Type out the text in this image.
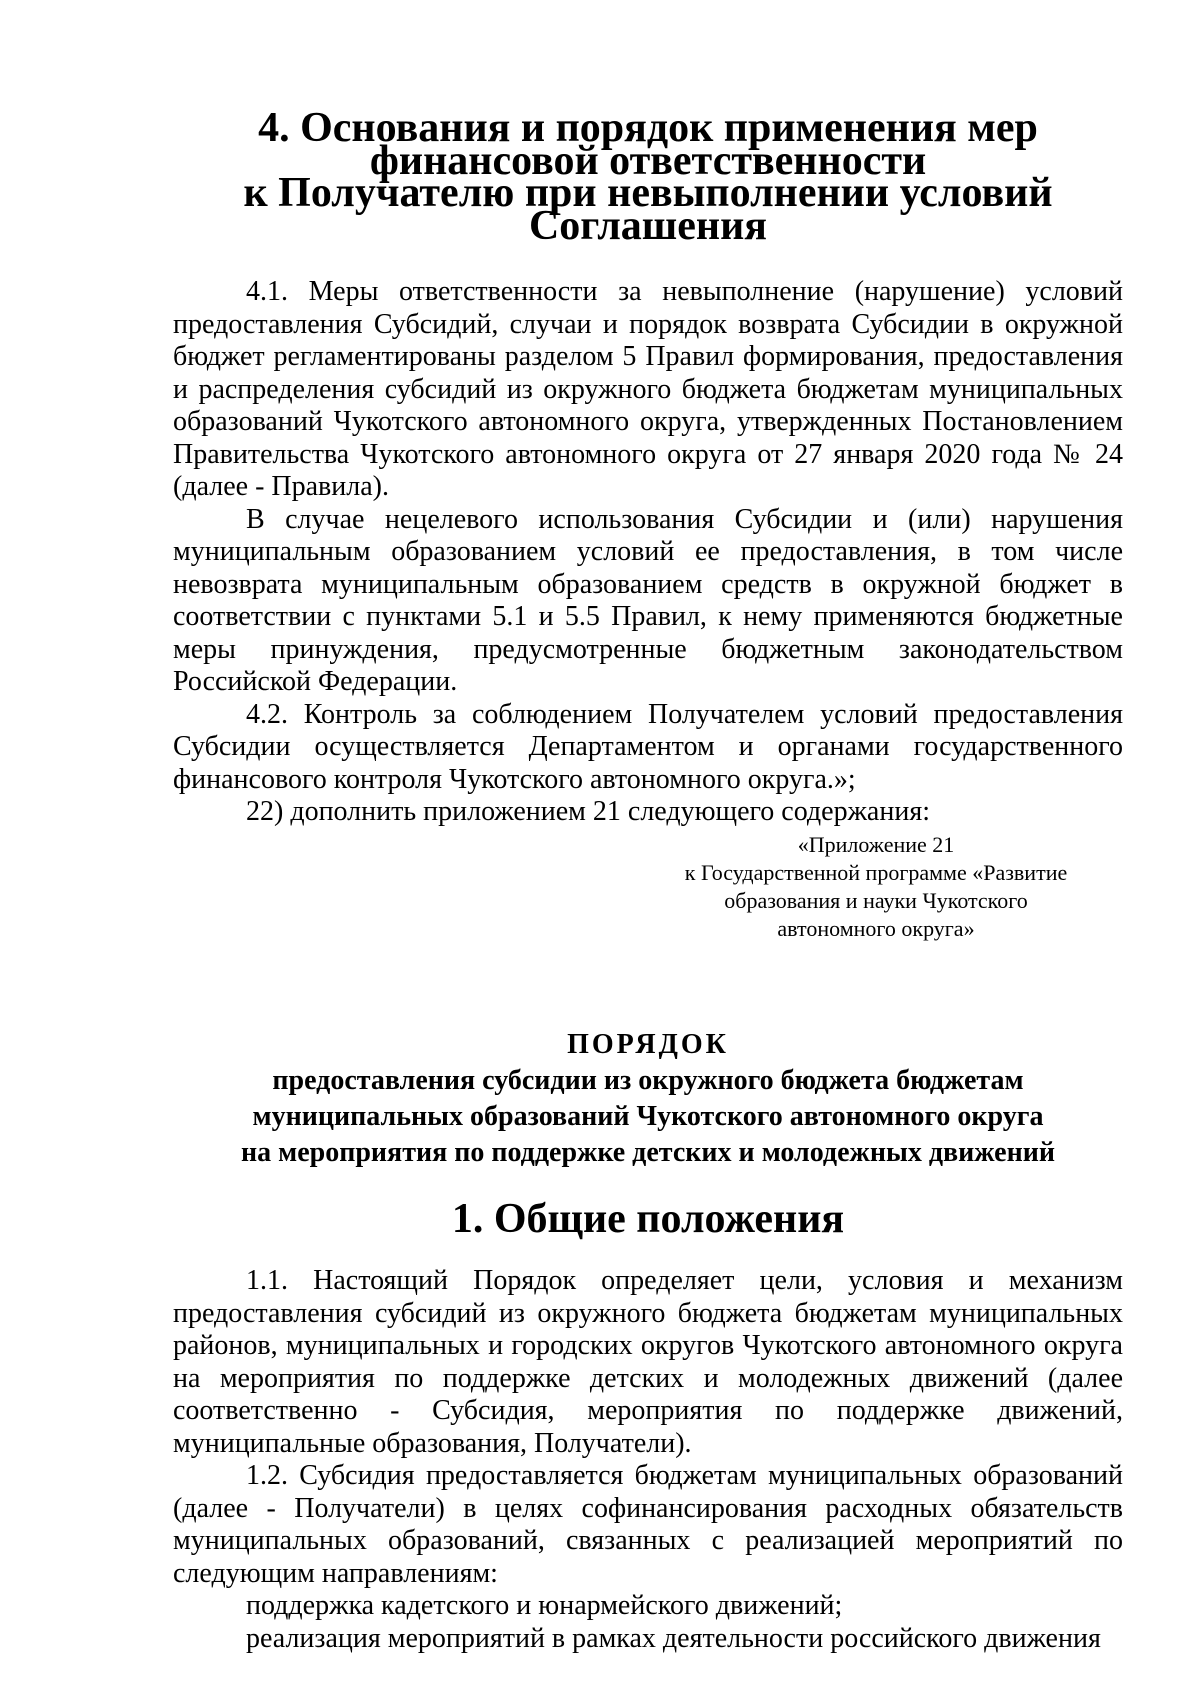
4. Основания и порядок применения мер финансовой ответственности
к Получателю при невыполнении условий Соглашения

4.1. Меры ответственности за невыполнение (нарушение) условий предоставления Субсидий, случаи и порядок возврата Субсидии в окружной бюджет регламентированы разделом 5 Правил формирования, предоставления и распределения субсидий из окружного бюджета бюджетам муниципальных образований Чукотского автономного округа, утвержденных Постановлением Правительства Чукотского автономного округа от 27 января 2020 года № 24 (далее - Правила).

В случае нецелевого использования Субсидии и (или) нарушения муниципальным образованием условий ее предоставления, в том числе невозврата муниципальным образованием средств в окружной бюджет в соответствии с пунктами 5.1 и 5.5 Правил, к нему применяются бюджетные меры принуждения, предусмотренные бюджетным законодательством Российской Федерации.

4.2. Контроль за соблюдением Получателем условий предоставления Субсидии осуществляется Департаментом и органами государственного финансового контроля Чукотского автономного округа.»;

22) дополнить приложением 21 следующего содержания:

«Приложение 21
к Государственной программе «Развитие
образования и науки Чукотского
автономного округа»
ПОРЯДОК
предоставления субсидии из окружного бюджета бюджетам
муниципальных образований Чукотского автономного округа
на мероприятия по поддержке детских и молодежных движений
1. Общие положения

1.1. Настоящий Порядок определяет цели, условия и механизм предоставления субсидий из окружного бюджета бюджетам муниципальных районов, муниципальных и городских округов Чукотского автономного округа на мероприятия по поддержке детских и молодежных движений (далее соответственно - Субсидия, мероприятия по поддержке движений, муниципальные образования, Получатели).

1.2. Субсидия предоставляется бюджетам муниципальных образований (далее - Получатели) в целях софинансирования расходных обязательств муниципальных образований, связанных с реализацией мероприятий по следующим направлениям:

поддержка кадетского и юнармейского движений;

реализация мероприятий в рамках деятельности российского движения
